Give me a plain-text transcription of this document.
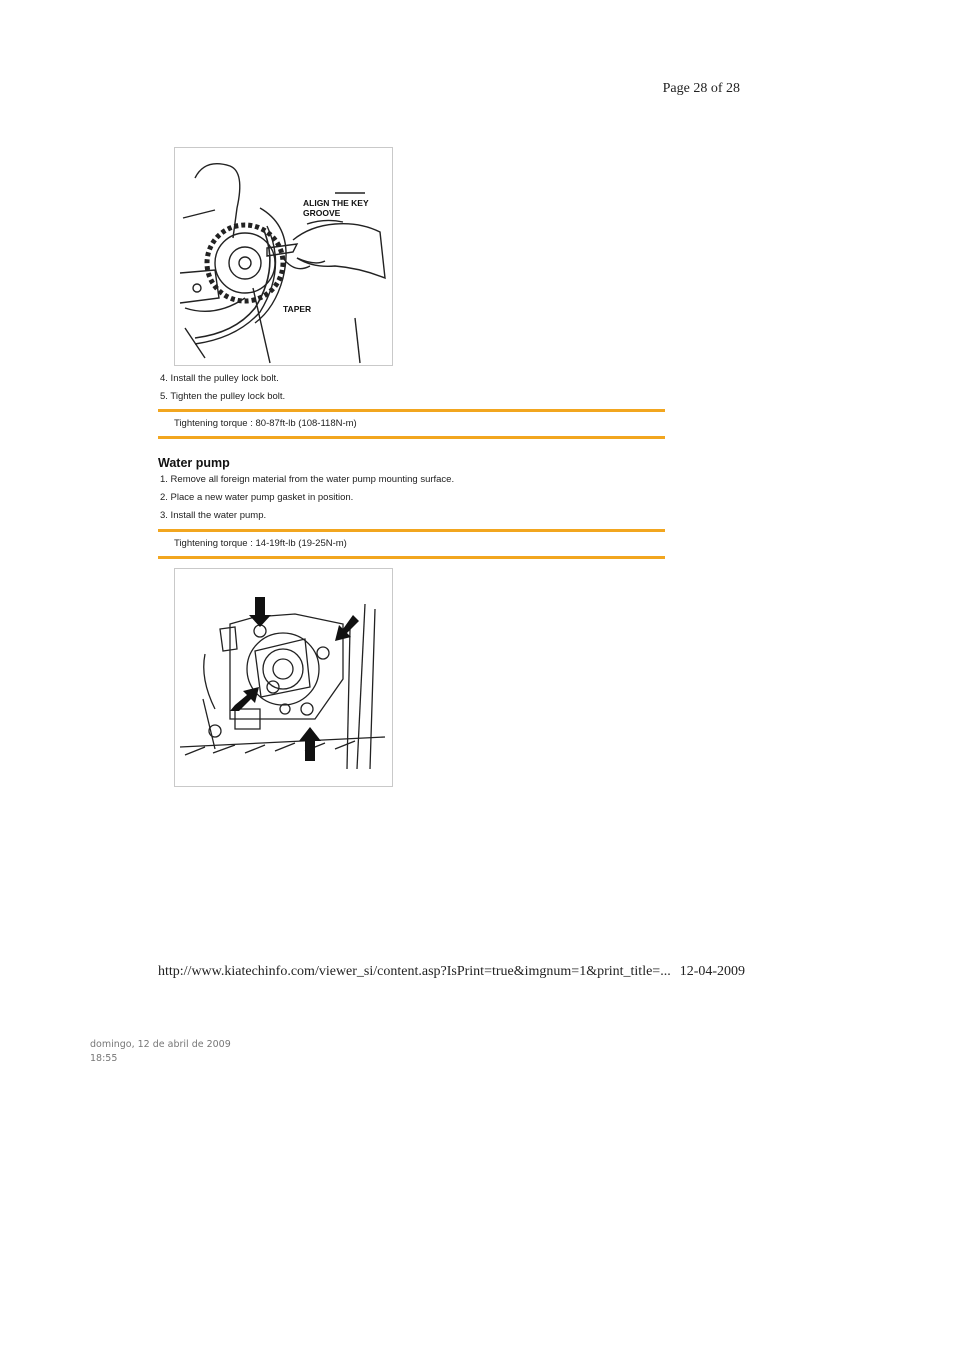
Page 28 of 28
ALIGN THE KEY
GROOVE
TAPER
4. Install the pulley lock bolt.
5. Tighten the pulley lock bolt.
Tightening torque : 80-87ft-lb (108-118N-m)
Water pump
1. Remove all foreign material from the water pump mounting surface.
2. Place a new water pump gasket in position.
3. Install the water pump.
Tightening torque : 14-19ft-lb (19-25N-m)
http://www.kiatechinfo.com/viewer_si/content.asp?IsPrint=true&imgnum=1&print_title=... 12-04-2009
domingo, 12 de abril de 2009
18:55
